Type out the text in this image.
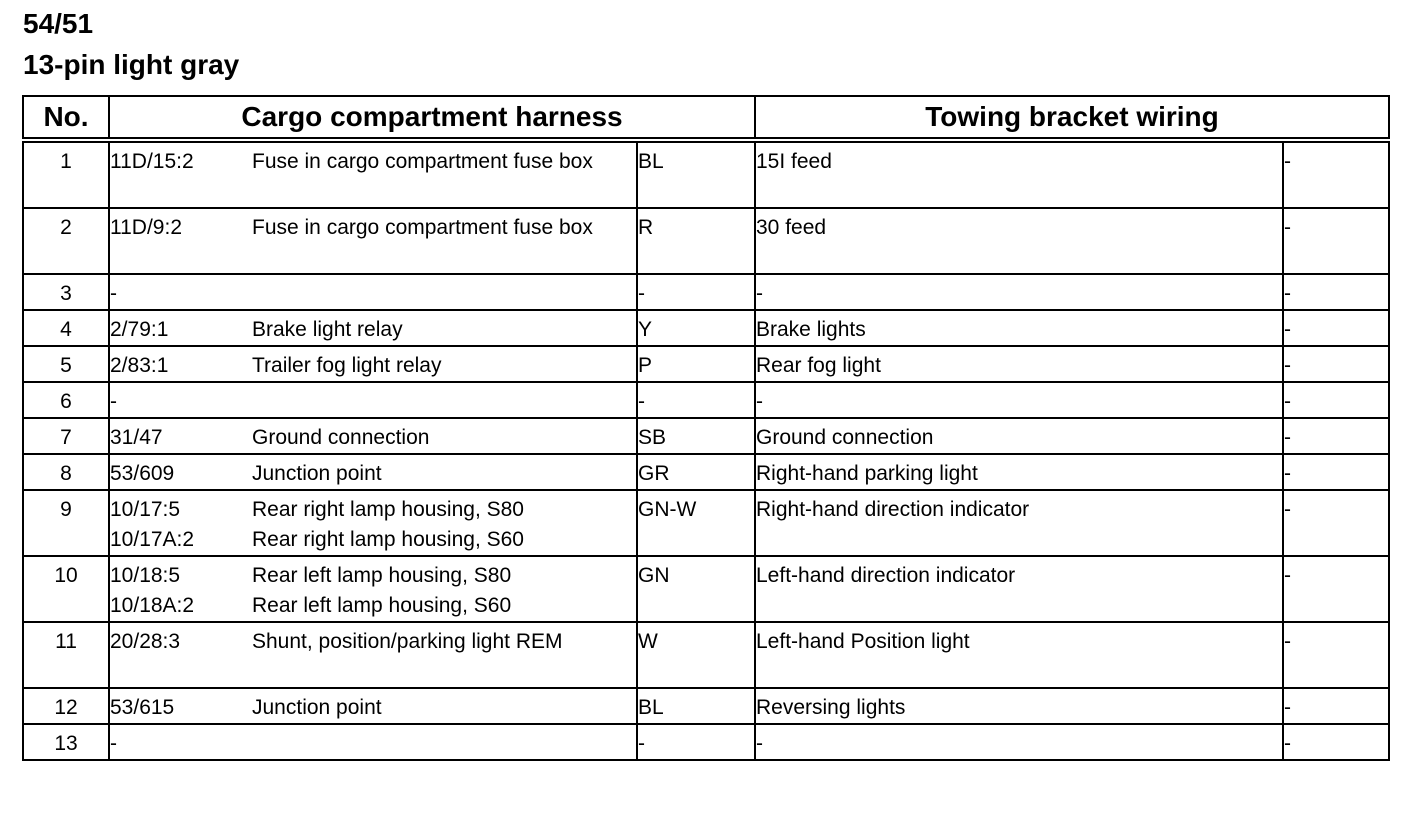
54/51
13-pin light gray
No.	Cargo compartment harness		Towing bracket wiring	

1	11D/15:2 Fuse in cargo compartment fuse box	BL	15I feed	-

2	11D/9:2 Fuse in cargo compartment fuse box	R	30 feed	-

3	-	-	-	-

4	2/79:1 Brake light relay	Y	Brake lights	-

5	2/83:1 Trailer fog light relay	P	Rear fog light	-

6	-	-	-	-

7	31/47 Ground connection	SB	Ground connection	-

8	53/609 Junction point	GR	Right-hand parking light	-

9	10/17:5 Rear right lamp housing, S80
10/17A:2 Rear right lamp housing, S60	GN-W	Right-hand direction indicator	-

10	10/18:5 Rear left lamp housing, S80
10/18A:2 Rear left lamp housing, S60	GN	Left-hand direction indicator	-

11	20/28:3 Shunt, position/parking light REM	W	Left-hand Position light	-

12	53/615 Junction point	BL	Reversing lights	-

13	-	-	-	-
